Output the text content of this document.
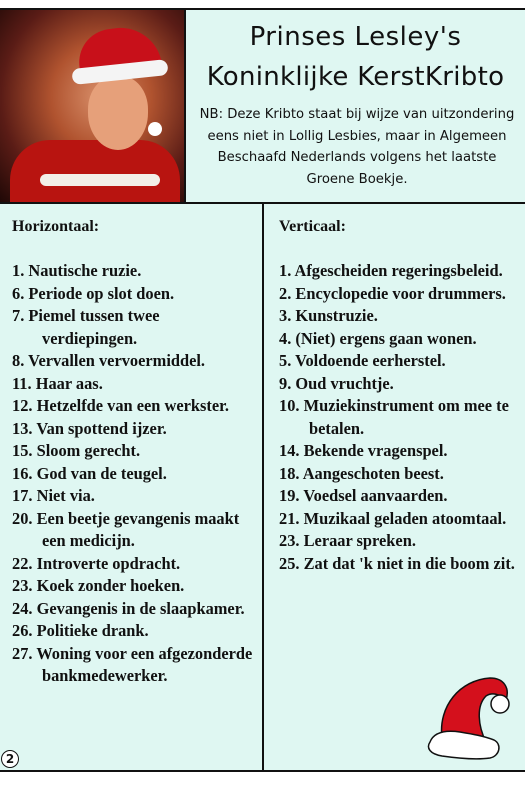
Prinses Lesley's
Koninklijke KerstKribto
NB: Deze Kribto staat bij wijze van uitzondering eens niet in Lollig Lesbies, maar in Algemeen Beschaafd Nederlands volgens het laatste Groene Boekje.
Horizontaal:
1. Nautische ruzie.
6. Periode op slot doen.
7. Piemel tussen twee verdiepingen.
8. Vervallen vervoermiddel.
11. Haar aas.
12. Hetzelfde van een werkster.
13. Van spottend ijzer.
15. Sloom gerecht.
16. God van de teugel.
17. Niet via.
20. Een beetje gevangenis maakt een medicijn.
22. Introverte opdracht.
23. Koek zonder hoeken.
24. Gevangenis in de slaapkamer.
26. Politieke drank.
27. Woning voor een afgezonderde bankmedewerker.
Verticaal:
1. Afgescheiden regeringsbeleid.
2. Encyclopedie voor drummers.
3. Kunstruzie.
4. (Niet) ergens gaan wonen.
5. Voldoende eerherstel.
9. Oud vruchtje.
10. Muziekinstrument om mee te betalen.
14. Bekende vragenspel.
18. Aangeschoten beest.
19. Voedsel aanvaarden.
21. Muzikaal geladen atoomtaal.
23. Leraar spreken.
25. Zat dat 'k niet in die boom zit.
2
